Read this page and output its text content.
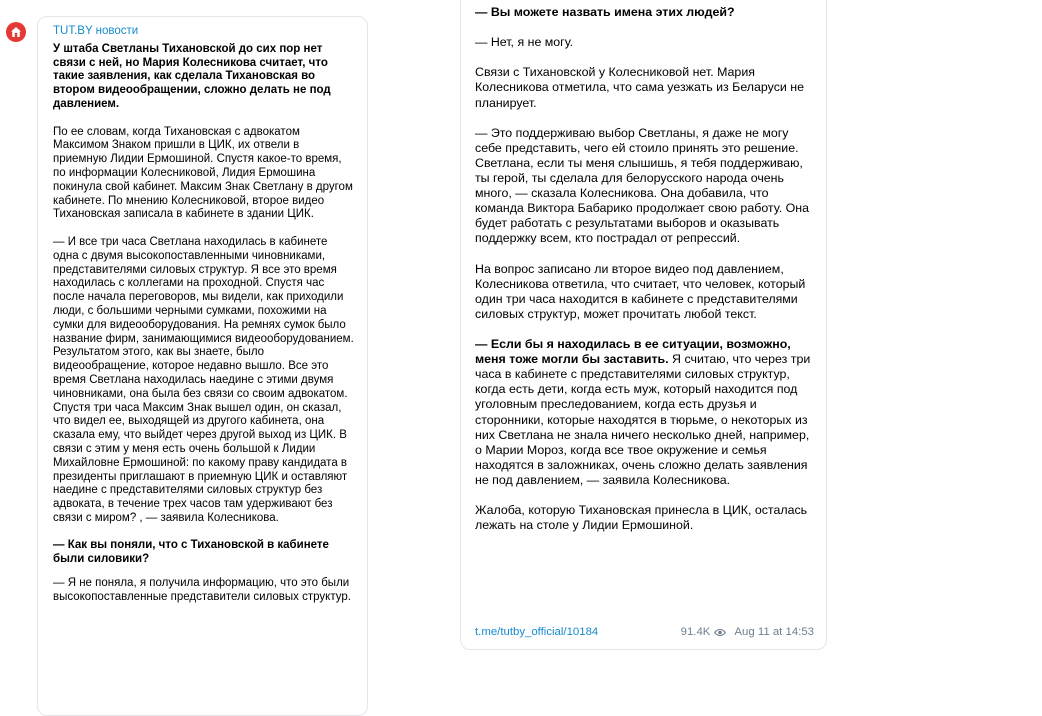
TUT.BY новости

У штаба Светланы Тихановской до сих пор нет связи с ней, но Мария Колесникова считает, что такие заявления, как сделала Тихановская во втором видеообращении, сложно делать не под давлением.

По ее словам, когда Тихановская с адвокатом Максимом Знаком пришли в ЦИК, их отвели в приемную Лидии Ермошиной. Спустя какое-то время, по информации Колесниковой, Лидия Ермошина покинула свой кабинет. Максим Знак Светлану в другом кабинете. По мнению Колесниковой, второе видео Тихановская записала в кабинете в здании ЦИК.

— И все три часа Светлана находилась в кабинете одна с двумя высокопоставленными чиновниками, представителями силовых структур. Я все это время находилась с коллегами на проходной. Спустя час после начала переговоров, мы видели, как приходили люди, с большими черными сумками, похожими на сумки для видеооборудования. На ремнях сумок было название фирм, занимающимися видеооборудованием. Результатом этого, как вы знаете, было видеообращение, которое недавно вышло. Все это время Светлана находилась наедине с этими двумя чиновниками, она была без связи со своим адвокатом. Спустя три часа Максим Знак вышел один, он сказал, что видел ее, выходящей из другого кабинета, она сказала ему, что выйдет через другой выход из ЦИК. В связи с этим у меня есть очень большой к Лидии Михайловне Ермошиной: по какому праву кандидата в президенты приглашают в приемную ЦИК и оставляют наедине с представителями силовых структур без адвоката, в течение трех часов там удерживают без связи с миром? , — заявила Колесникова.

— Как вы поняли, что с Тихановской в кабинете были силовики?

— Я не поняла, я получила информацию, что это были высокопоставленные представители силовых структур.

— Вы можете назвать имена этих людей?

— Нет, я не могу.

Связи с Тихановской у Колесниковой нет. Мария Колесникова отметила, что сама уезжать из Беларуси не планирует.

— Это поддерживаю выбор Светланы, я даже не могу себе представить, чего ей стоило принять это решение. Светлана, если ты меня слышишь, я тебя поддерживаю, ты герой, ты сделала для белорусского народа очень много, — сказала Колесникова. Она добавила, что команда Виктора Бабарико продолжает свою работу. Она будет работать с результатами выборов и оказывать поддержку всем, кто пострадал от репрессий.

На вопрос записано ли второе видео под давлением, Колесникова ответила, что считает, что человек, который один три часа находится в кабинете с представителями силовых структур, может прочитать любой текст.

— Если бы я находилась в ее ситуации, возможно, меня тоже могли бы заставить. Я считаю, что через три часа в кабинете с представителями силовых структур, когда есть дети, когда есть муж, который находится под уголовным преследованием, когда есть друзья и сторонники, которые находятся в тюрьме, о некоторых из них Светлана не знала ничего несколько дней, например, о Марии Мороз, когда все твое окружение и семья находятся в заложниках, очень сложно делать заявления не под давлением, — заявила Колесникова.

Жалоба, которую Тихановская принесла в ЦИК, осталась лежать на столе у Лидии Ермошиной.

t.me/tutby_official/10184	91.4K Aug 11 at 14:53
